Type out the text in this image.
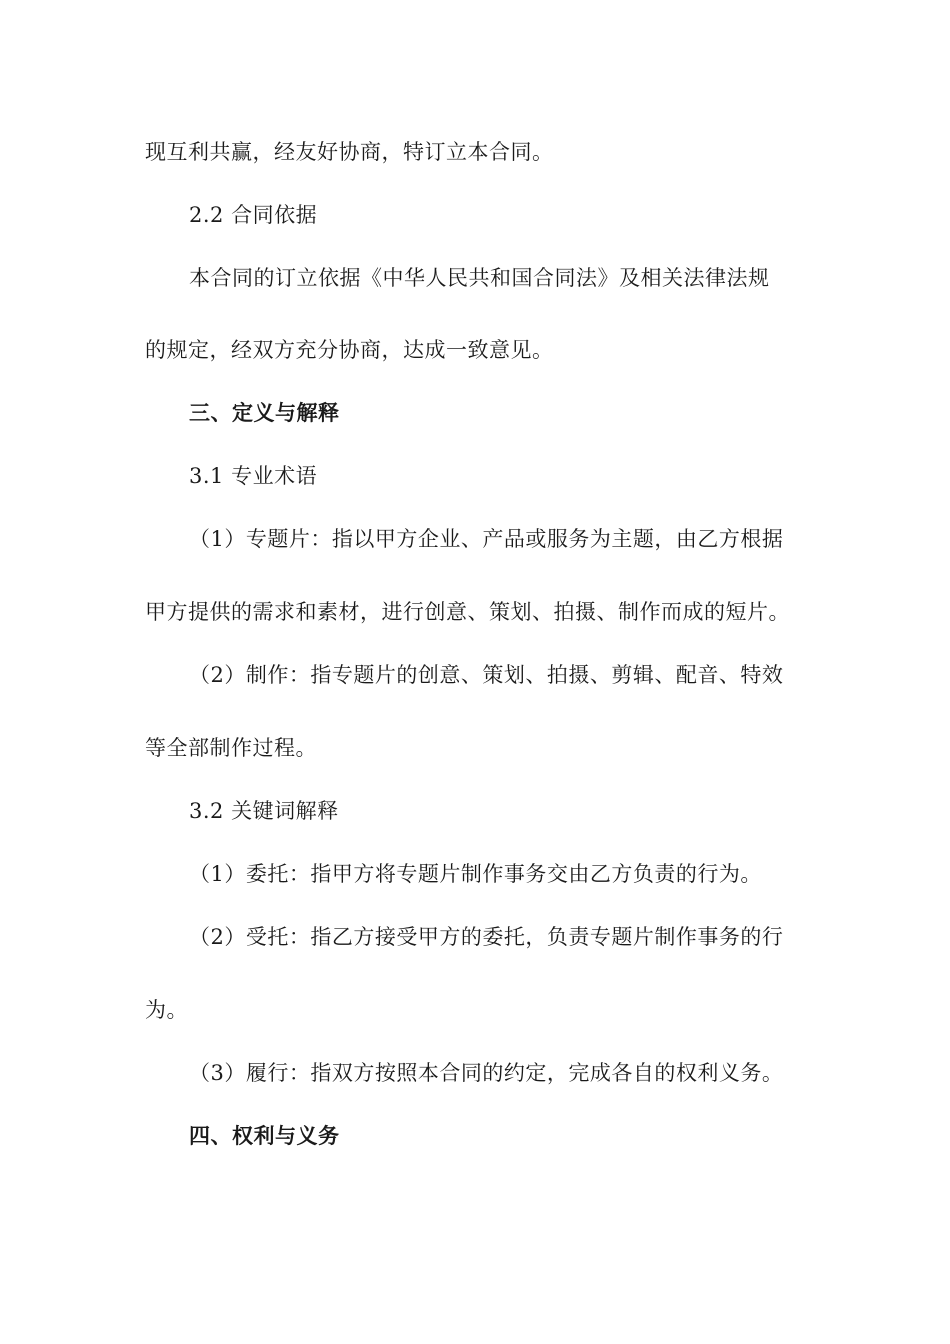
现互利共赢，经友好协商，特订立本合同。
2.2 合同依据
本合同的订立依据《中华人民共和国合同法》及相关法律法规
的规定，经双方充分协商，达成一致意见。
三、定义与解释
3.1 专业术语
（1）专题片：指以甲方企业、产品或服务为主题，由乙方根据
甲方提供的需求和素材，进行创意、策划、拍摄、制作而成的短片。
（2）制作：指专题片的创意、策划、拍摄、剪辑、配音、特效
等全部制作过程。
3.2 关键词解释
（1）委托：指甲方将专题片制作事务交由乙方负责的行为。
（2）受托：指乙方接受甲方的委托，负责专题片制作事务的行
为。
（3）履行：指双方按照本合同的约定，完成各自的权利义务。
四、权利与义务
